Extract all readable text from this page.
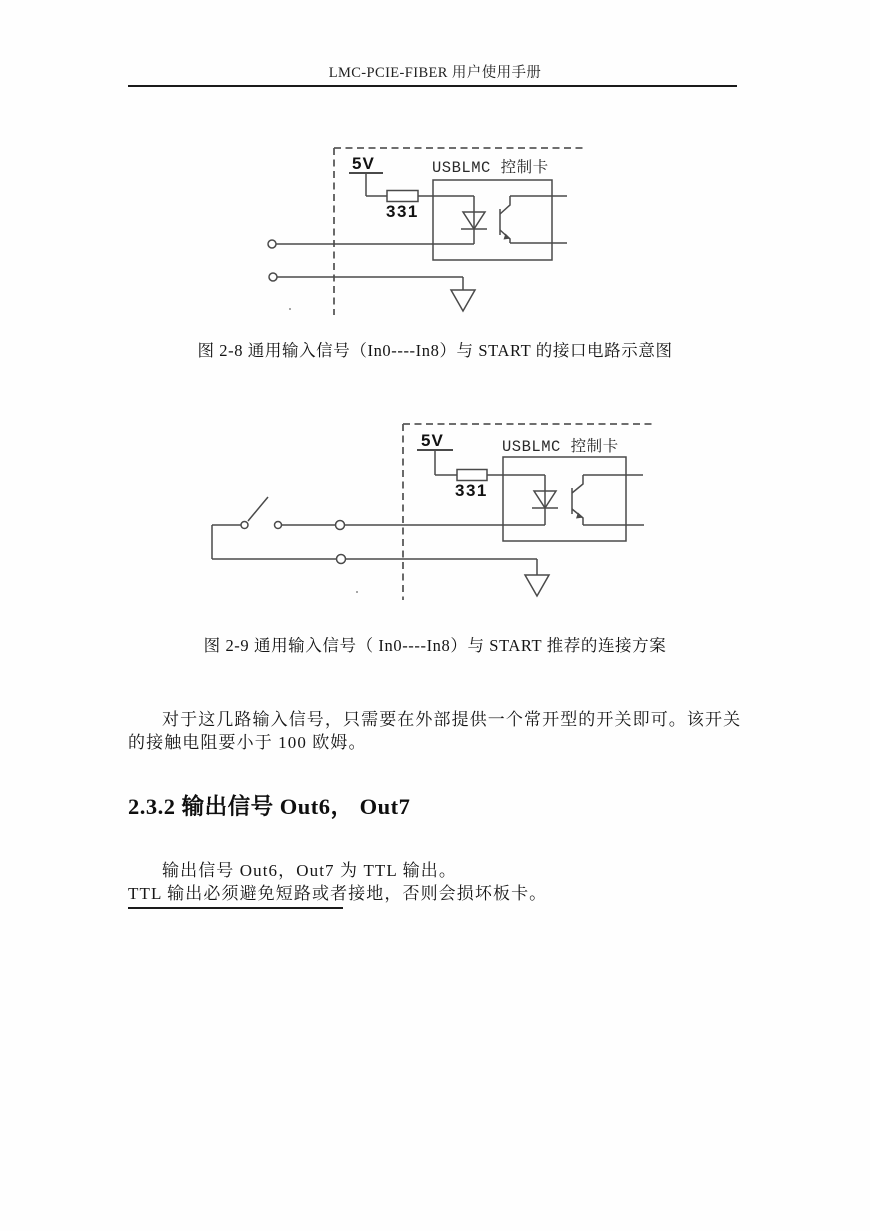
LMC-PCIE-FIBER 用户使用手册
5V
331
USBLMC 控制卡
图 2-8 通用输入信号（In0----In8）与 START 的接口电路示意图
5V
331
USBLMC 控制卡
图 2-9 通用输入信号（ In0----In8）与 START 推荐的连接方案
对于这几路输入信号，只需要在外部提供一个常开型的开关即可。该开关
的接触电阻要小于 100 欧姆。
2.3.2 输出信号 Out6， Out7
输出信号 Out6，Out7 为 TTL 输出。
TTL 输出必须避免短路或者接地，否则会损坏板卡。
